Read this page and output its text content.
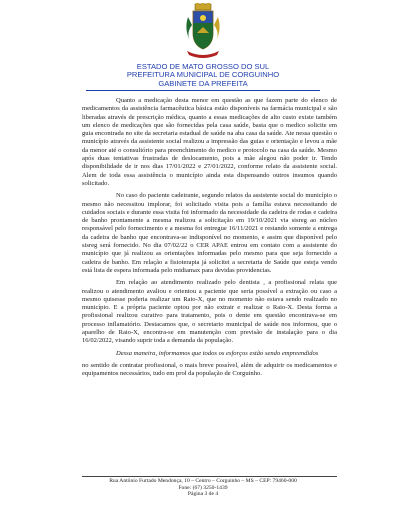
ESTADO DE MATO GROSSO DO SUL
PREFEITURA MUNICIPAL DE CORGUINHO
GABINETE DA PREFEITA

Quanto a medicação desta menor em questão as que fazem parte do elenco de medicamentos da assistência farmacêutica básica estão disponíveis na farmácia municipal e são liberadas através de prescrição médica, quanto a essas medicações de alto custo existe também um elenco de medicações que são fornecidas pela casa saúde, basta que o medico solicite em guia encontrada no site da secretaria estadual de saúde na aba casa da saúde. Ate nessa questão o município através da assistente social realizou a impressão das guias e orientação e levou a mãe da menor até o consultório para preenchimento do medico e protocolo na casa da saúde. Mesmo após duas tentativas frustradas de deslocamento, pois a mãe alegou não poder ir. Tendo disponibilidade de ir nos dias 17/01/2022 e 27/01/2022, conforme relato da assistente social. Alem de toda essa assistência o município ainda esta dispensando outros insumos quando solicitado.

No caso do paciente cadeirante, segundo relatos da assistente social do município o mesmo não necessitou implorar, foi solicitado visita pois a família estava necessitando de cuidados sociais e durante essa visita foi informado da necessidade da cadeira de rodas e cadeira de banho prontamente a mesma realizou a solicitação em 19/10/2021 via sisreg ao núcleo responsável pelo fornecimento e a mesma foi entregue 16/11/2021 e restando somente a entrega da cadeira de banho que encontrava-se indisponível no momento, e assim que disponível pelo sisreg será fornecido. No dia 07/02/22 o CER APAE entrou em contato com a assistente do município que já realizou as orientações informadas pelo mesmo para que seja fornecido a cadeira de banho. Em relação a fisioterapia já solicitei a secretaria de Saúde que esteja vendo está lista de espera informada pelo midiamax para devidas providencias.

Em relação ao atendimento realizado pelo dentista , a profissional relata que realizou o atendimento avaliou e orientou a paciente que seria possível a extração ou caso a mesmo quisesse poderia realizar um Raio-X, que no momento não estava sendo realizado no município. E a própria paciente optou por não extrair e realizar o Raio-X. Desta forma a profissional realizou curativo para tratamento, pois o dente em questão encontrava-se em processo inflamatório. Destacamos que, o secretario municipal de saúde nos informou, que o aparelho de Raio-X, encontra-se em manutenção com previsão de instalação para o dia 16/02/2022, visando suprir toda a demanda da população.

Dessa maneira, informamos que todos os esforços estão sendo empreendidos

no sentido de contratar profissional, o mais breve possível, além de adquirir os medicamentos e equipamentos necessários, tudo em prol da população de Corguinho.

Rua Antônio Furtado Mendonça, 10 – Centro – Corguinho – MS – CEP: 79460-000
Fone: (67) 3250-1439
Página 3 de 4
